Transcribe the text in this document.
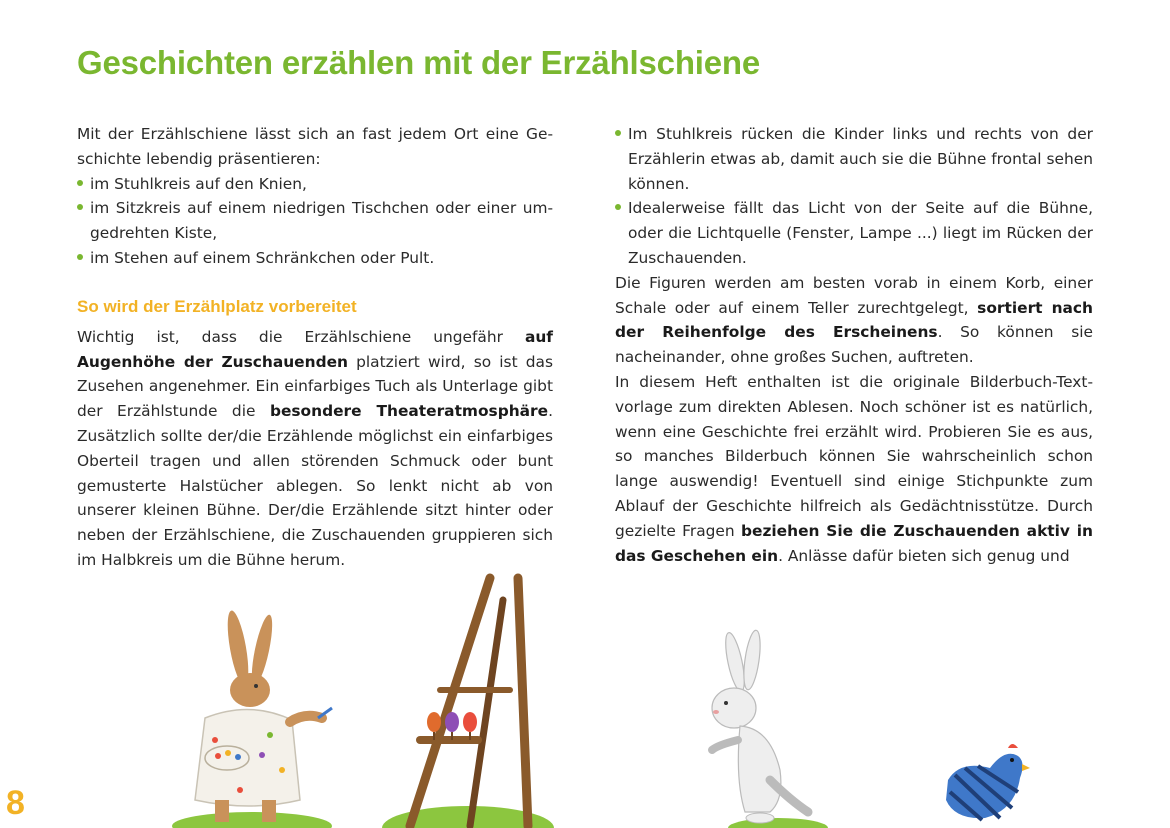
Geschichten erzählen mit der Erzählschiene

Mit der Erzählschiene lässt sich an fast jedem Ort eine Geschichte lebendig präsentieren:

im Stuhlkreis auf den Knien,

im Sitzkreis auf einem niedrigen Tischchen oder einer umgedrehten Kiste,

im Stehen auf einem Schränkchen oder Pult.

So wird der Erzählplatz vorbereitet

Wichtig ist, dass die Erzählschiene ungefähr auf Augenhöhe der Zuschauenden platziert wird, so ist das Zusehen angenehmer. Ein einfarbiges Tuch als Unterlage gibt der Erzählstunde die besondere Theateratmosphäre. Zusätzlich sollte der/die Erzählende möglichst ein einfarbiges Oberteil tragen und allen störenden Schmuck oder bunt gemusterte Halstücher ablegen. So lenkt nicht ab von unserer kleinen Bühne. Der/die Erzählende sitzt hinter oder neben der Erzählschiene, die Zuschauenden gruppieren sich im Halbkreis um die Bühne herum.

Im Stuhlkreis rücken die Kinder links und rechts von der Erzählerin etwas ab, damit auch sie die Bühne frontal sehen können.

Idealerweise fällt das Licht von der Seite auf die Bühne, oder die Lichtquelle (Fenster, Lampe ...) liegt im Rücken der Zuschauenden.

Die Figuren werden am besten vorab in einem Korb, einer Schale oder auf einem Teller zurechtgelegt, sortiert nach der Reihenfolge des Erscheinens. So können sie nacheinander, ohne großes Suchen, auftreten.

In diesem Heft enthalten ist die originale Bilderbuch-Textvorlage zum direkten Ablesen. Noch schöner ist es natürlich, wenn eine Geschichte frei erzählt wird. Probieren Sie es aus, so manches Bilderbuch können Sie wahrscheinlich schon lange auswendig! Eventuell sind einige Stichpunkte zum Ablauf der Geschichte hilfreich als Gedächtnisstütze. Durch gezielte Fragen beziehen Sie die Zuschauenden aktiv in das Geschehen ein. Anlässe dafür bieten sich genug und

8
